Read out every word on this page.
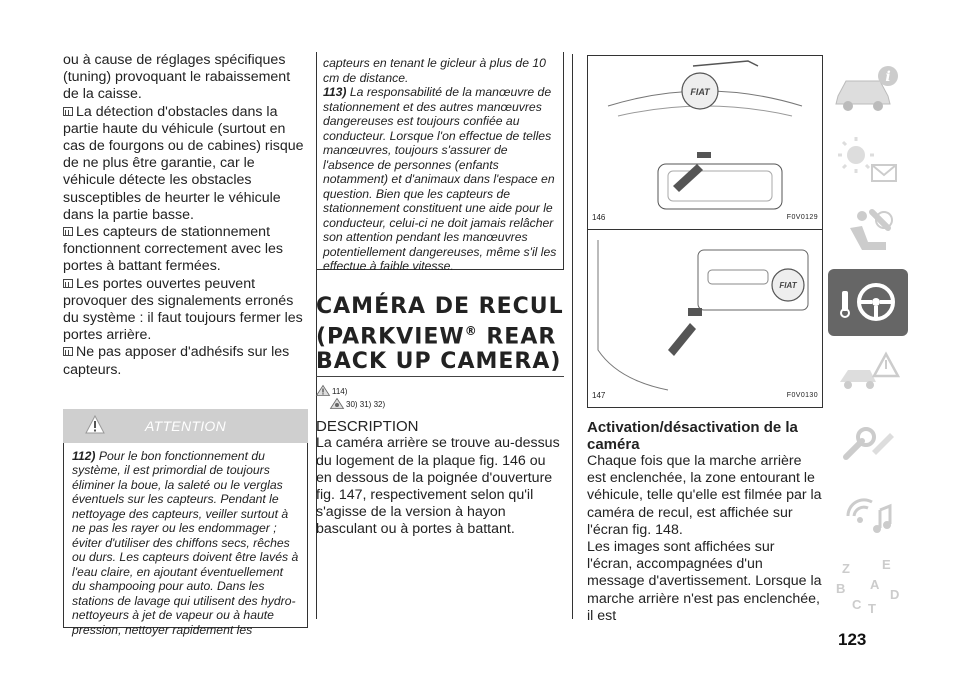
ou à cause de réglages spécifiques (tuning) provoquant le rabaissement de la caisse.

La détection d'obstacles dans la partie haute du véhicule (surtout en cas de fourgons ou de cabines) risque de ne plus être garantie, car le véhicule détecte les obstacles susceptibles de heurter le véhicule dans la partie basse.

Les capteurs de stationnement fonctionnent correctement avec les portes à battant fermées.

Les portes ouvertes peuvent provoquer des signalements erronés du système : il faut toujours fermer les portes arrière.

Ne pas apposer d'adhésifs sur les capteurs.

ATTENTION
112) Pour le bon fonctionnement du système, il est primordial de toujours éliminer la boue, la saleté ou le verglas éventuels sur les capteurs. Pendant le nettoyage des capteurs, veiller surtout à ne pas les rayer ou les endommager ; éviter d'utiliser des chiffons secs, rêches ou durs. Les capteurs doivent être lavés à l'eau claire, en ajoutant éventuellement du shampooing pour auto. Dans les stations de lavage qui utilisent des hydro-nettoyeurs à jet de vapeur ou à haute pression, nettoyer rapidement les

capteurs en tenant le gicleur à plus de 10 cm de distance.

113) La responsabilité de la manœuvre de stationnement et des autres manœuvres dangereuses est toujours confiée au conducteur. Lorsque l'on effectue de telles manœuvres, toujours s'assurer de l'absence de personnes (enfants notamment) et d'animaux dans l'espace en question. Bien que les capteurs de stationnement constituent une aide pour le conducteur, celui-ci ne doit jamais relâcher son attention pendant les manœuvres potentiellement dangereuses, même s'il les effectue à faible vitesse.

CAMÉRA DE RECUL
(PARKVIEW® REAR
BACK UP CAMERA)
114)
30) 31) 32)
DESCRIPTION

La caméra arrière se trouve au-dessus du logement de la plaque fig. 146 ou en dessous de la poignée d'ouverture fig. 147, respectivement selon qu'il s'agisse de la version à hayon basculant ou à portes à battant.

FIAT
146	F0V0129
FIAT
147	F0V0130
Activation/désactivation de la caméra

Chaque fois que la marche arrière est enclenchée, la zone entourant le véhicule, telle qu'elle est filmée par la caméra de recul, est affichée sur l'écran fig. 148.

Les images sont affichées sur l'écran, accompagnées d'un message d'avertissement. Lorsque la marche arrière n'est pas enclenchée, il est

i
Z E
B A
C
D
T
123
